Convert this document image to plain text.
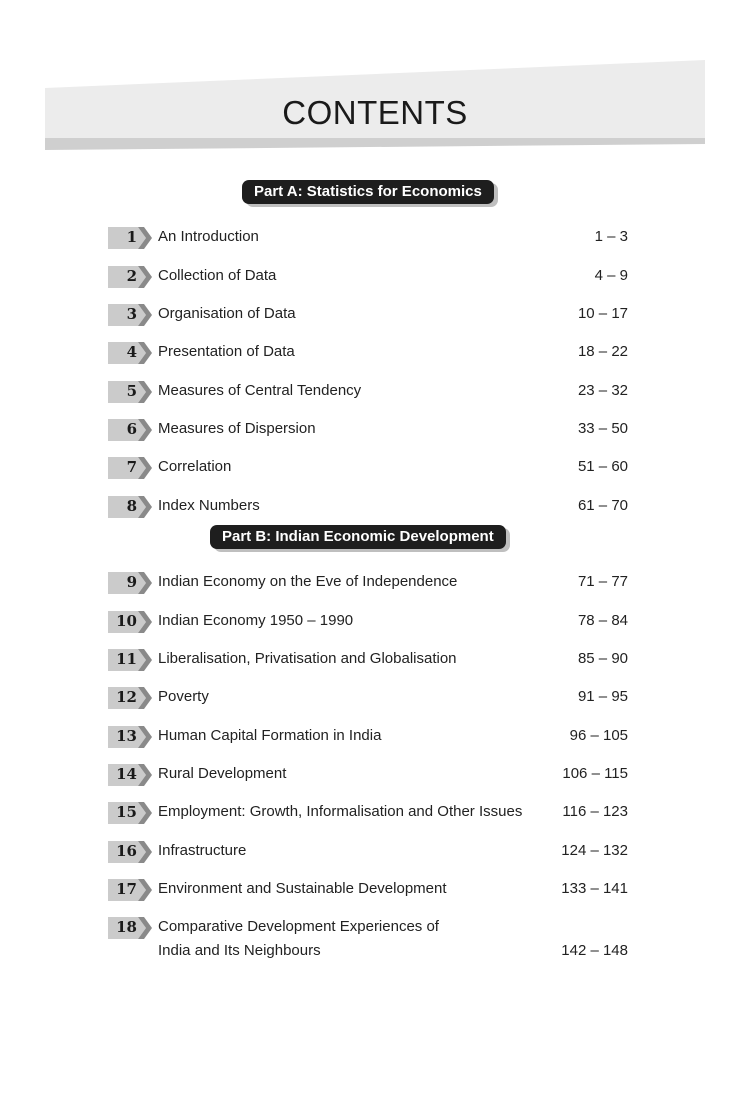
CONTENTS
Part A: Statistics for Economics
1 An Introduction	1 – 3
2 Collection of Data	4 – 9
3 Organisation of Data	10 – 17
4 Presentation of Data	18 – 22
5 Measures of Central Tendency	23 – 32
6 Measures of Dispersion	33 – 50
7 Correlation	51 – 60
8 Index Numbers	61 – 70
Part B: Indian Economic Development
9 Indian Economy on the Eve of Independence	71 – 77
10 Indian Economy 1950 – 1990	78 – 84
11 Liberalisation, Privatisation and Globalisation	85 – 90
12 Poverty	91 – 95
13 Human Capital Formation in India	96 – 105
14 Rural Development	106 – 115
15 Employment: Growth, Informalisation and Other Issues	116 – 123
16 Infrastructure	124 – 132
17 Environment and Sustainable Development	133 – 141
18 Comparative Development Experiences of
India and Its Neighbours	142 – 148
